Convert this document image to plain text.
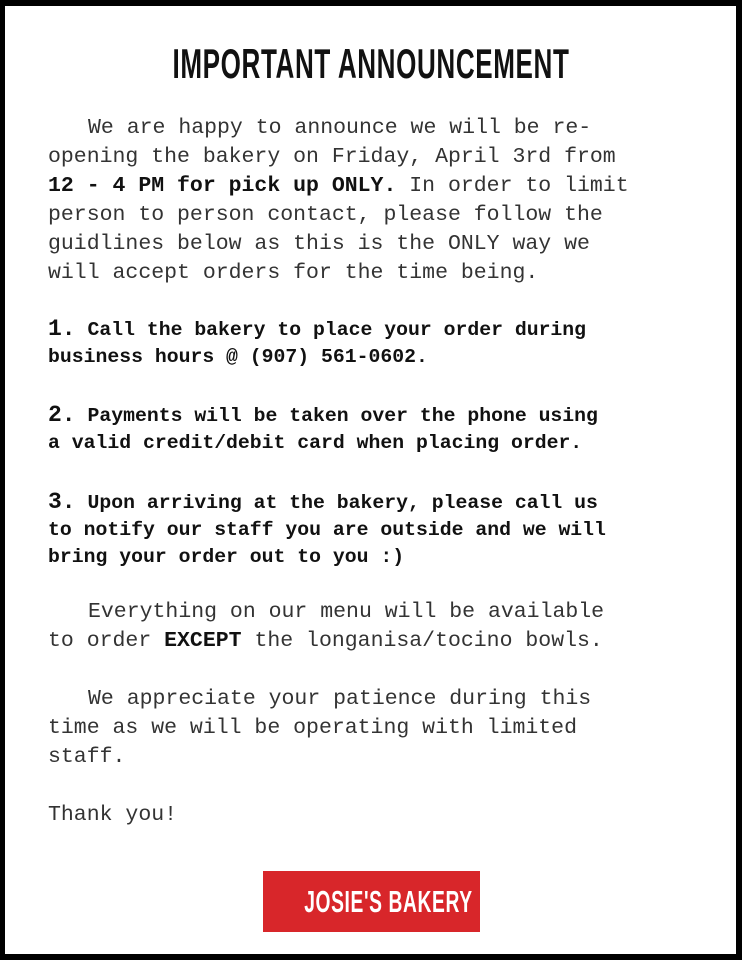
IMPORTANT ANNOUNCEMENT
We are happy to announce we will be re-
opening the bakery on Friday, April 3rd from
12 - 4 PM for pick up ONLY. In order to limit
person to person contact, please follow the
guidlines below as this is the ONLY way we
will accept orders for the time being.
1. Call the bakery to place your order during
business hours @ (907) 561-0602.
2. Payments will be taken over the phone using
a valid credit/debit card when placing order.
3. Upon arriving at the bakery, please call us
to notify our staff you are outside and we will
bring your order out to you :)
Everything on our menu will be available
to order EXCEPT the longanisa/tocino bowls.
We appreciate your patience during this
time as we will be operating with limited
staff.
Thank you!
JOSIE'S BAKERY
